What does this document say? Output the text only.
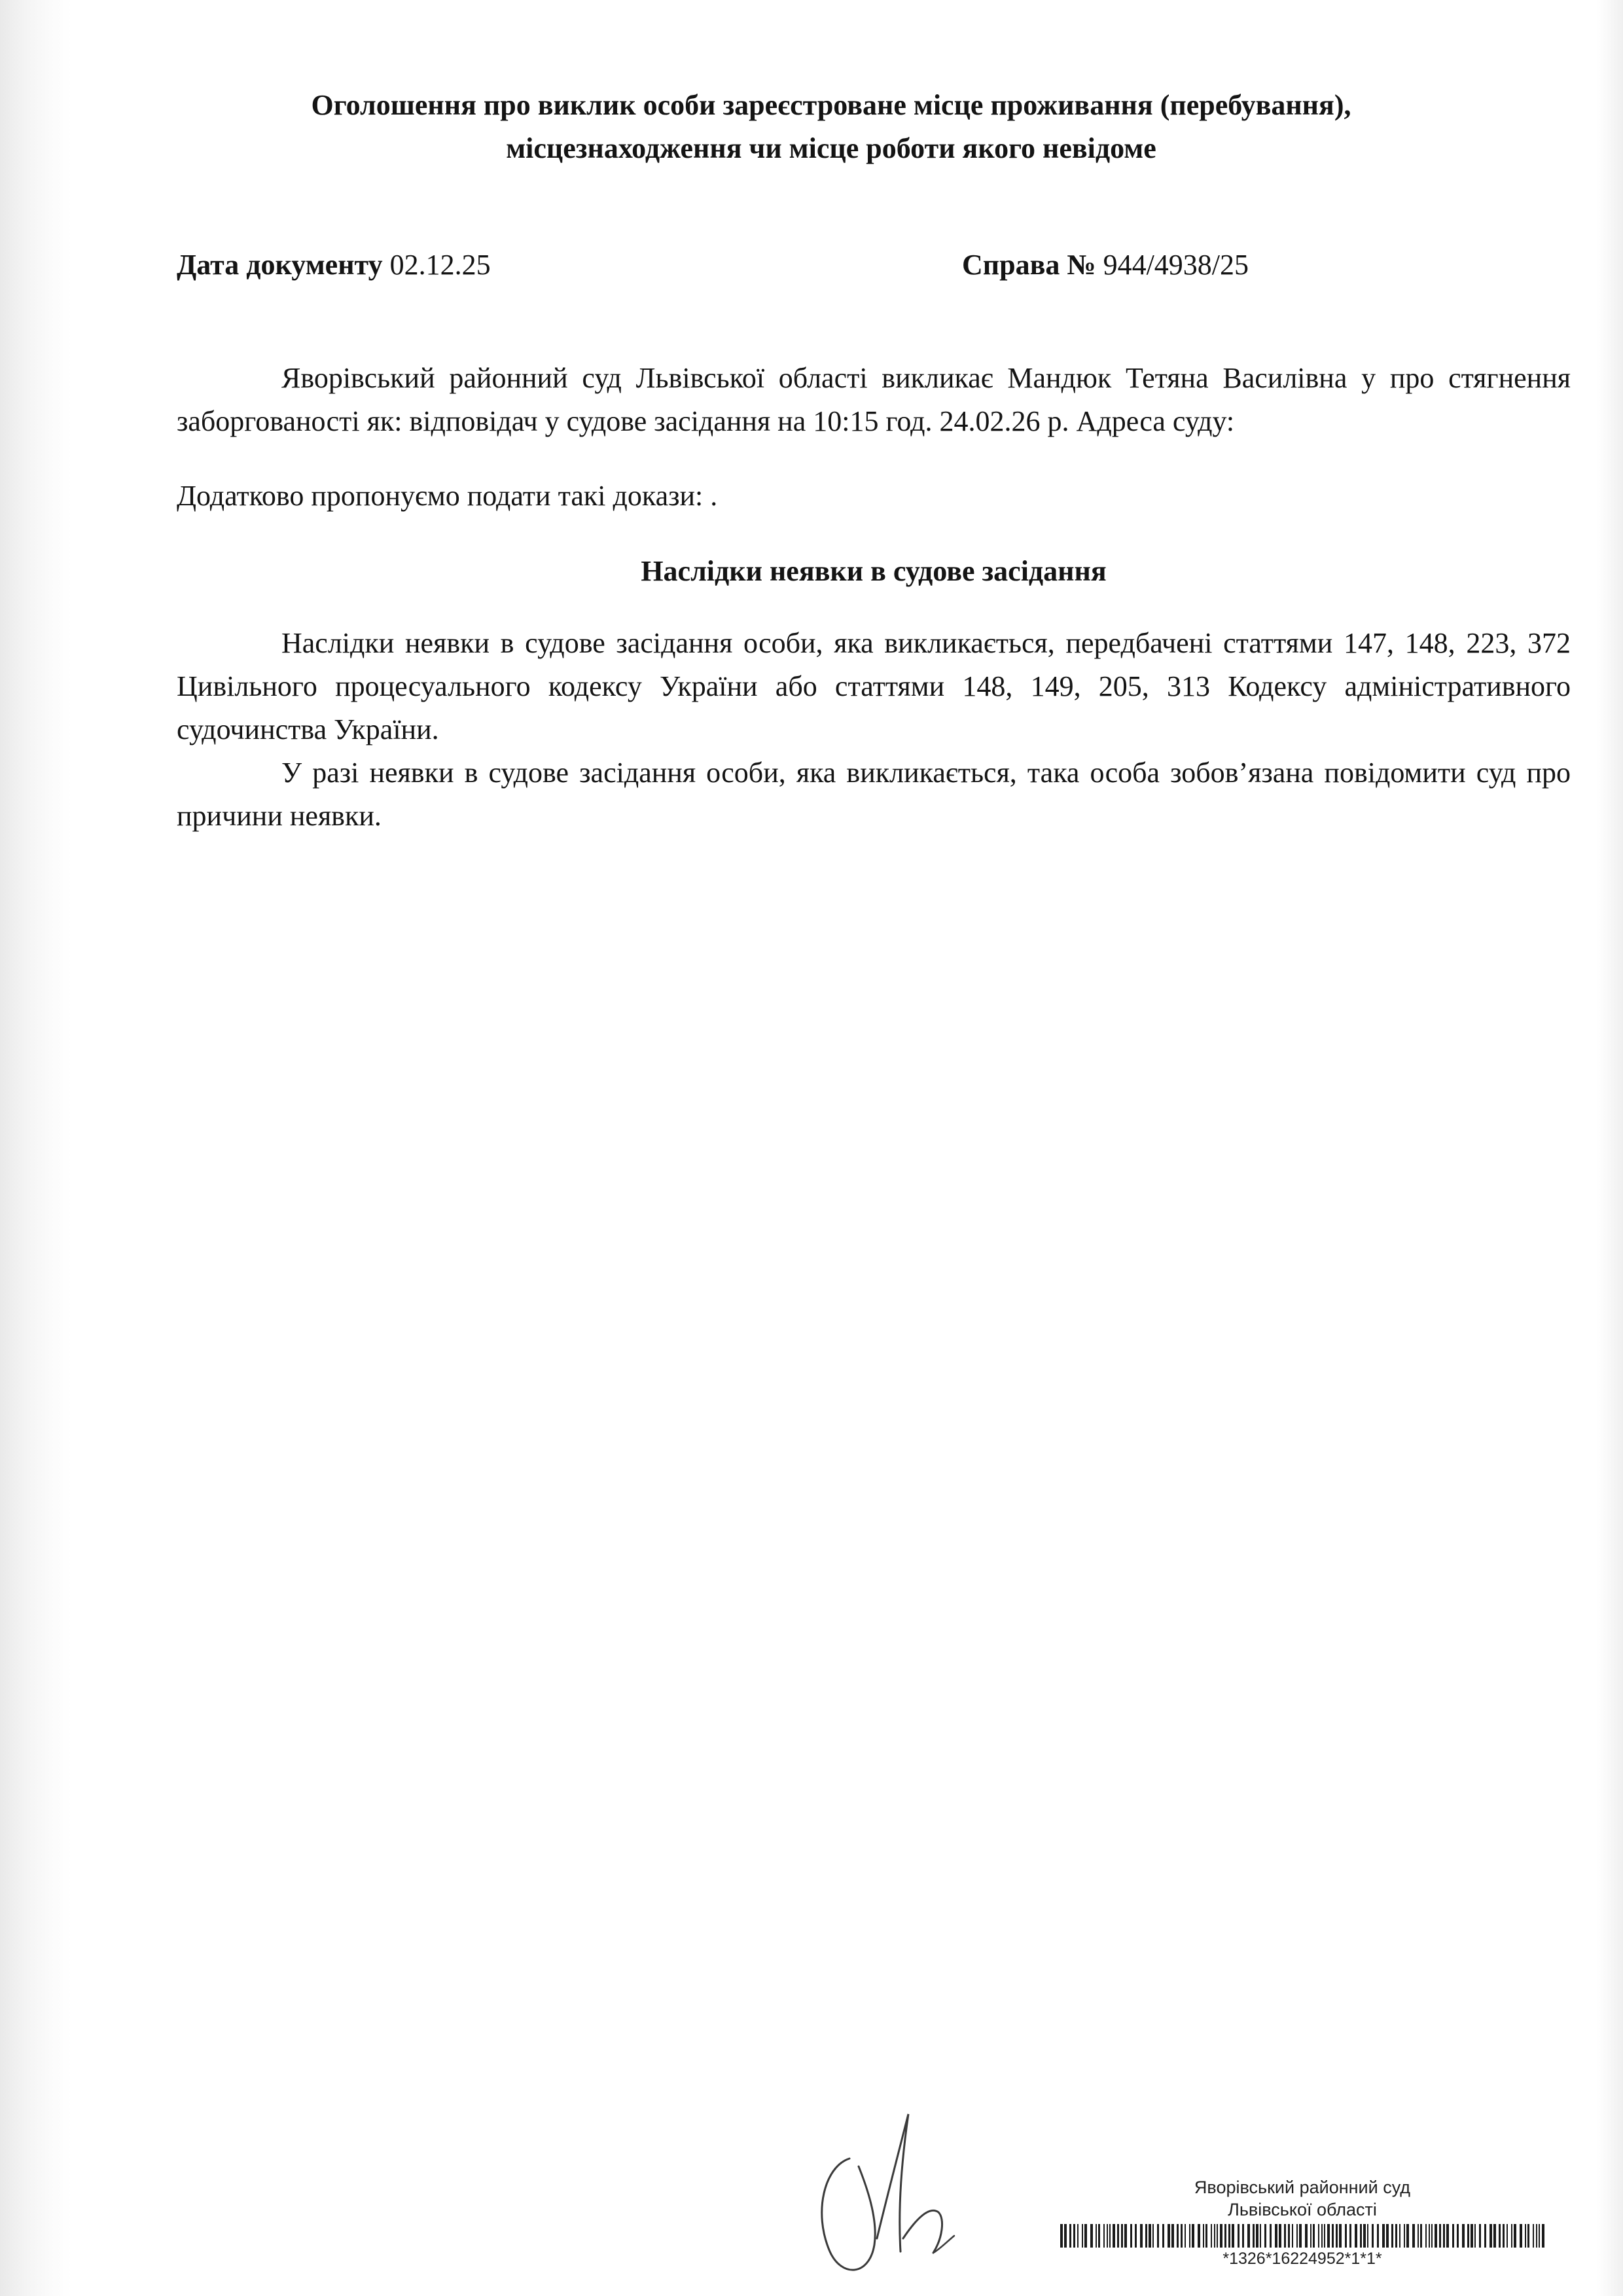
Оголошення про виклик особи зареєстроване місце проживання (перебування),
місцезнаходження чи місце роботи якого невідоме
Дата документу 02.12.25	Справа № 944/4938/25

Яворівський районний суд Львівської області викликає Мандюк Тетяна Василівна у про стягнення заборгованості як: відповідач у судове засідання на 10:15 год. 24.02.26 р. Адреса суду:

Додатково пропонуємо подати такі докази: .
Наслідки неявки в судове засідання

Наслідки неявки в судове засідання особи, яка викликається, передбачені статтями 147, 148, 223, 372 Цивільного процесуального кодексу України або статтями 148, 149, 205, 313 Кодексу адміністративного судочинства України.

У разі неявки в судове засідання особи, яка викликається, така особа зобов’язана повідомити суд про причини неявки.

Яворівський районний суд
Львівської області
*1326*16224952*1*1*
